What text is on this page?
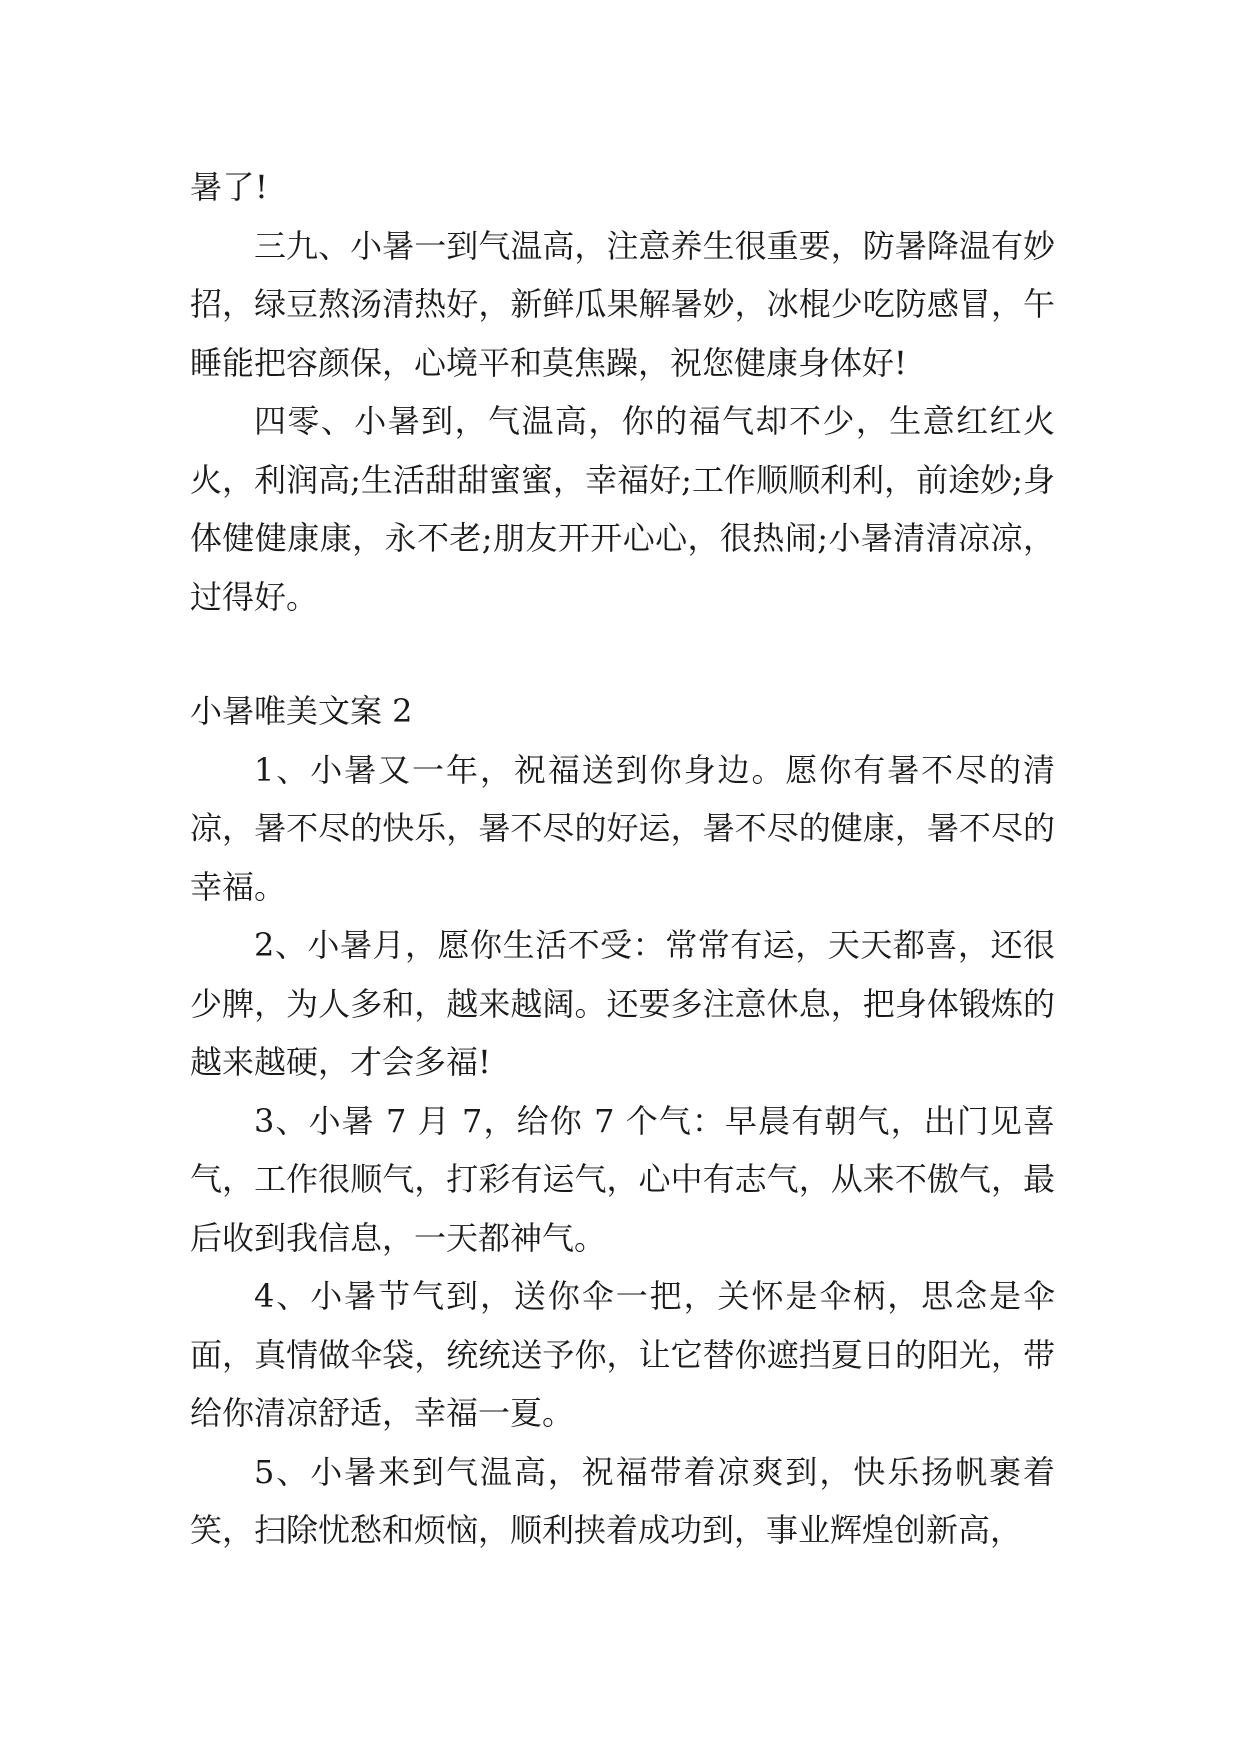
暑了!

三九、小暑一到气温高，注意养生很重要，防暑降温有妙招，绿豆熬汤清热好，新鲜瓜果解暑妙，冰棍少吃防感冒，午睡能把容颜保，心境平和莫焦躁，祝您健康身体好!

四零、小暑到，气温高，你的福气却不少，生意红红火火，利润高;生活甜甜蜜蜜，幸福好;工作顺顺利利，前途妙;身体健健康康，永不老;朋友开开心心，很热闹;小暑清清凉凉，过得好。

小暑唯美文案 2

1、小暑又一年，祝福送到你身边。愿你有暑不尽的清凉，暑不尽的快乐，暑不尽的好运，暑不尽的健康，暑不尽的幸福。

2、小暑月，愿你生活不受：常常有运，天天都喜，还很少脾，为人多和，越来越阔。还要多注意休息，把身体锻炼的越来越硬，才会多福!

3、小暑 7 月 7，给你 7 个气：早晨有朝气，出门见喜气，工作很顺气，打彩有运气，心中有志气，从来不傲气，最后收到我信息，一天都神气。

4、小暑节气到，送你伞一把，关怀是伞柄，思念是伞面，真情做伞袋，统统送予你，让它替你遮挡夏日的阳光，带给你清凉舒适，幸福一夏。

5、小暑来到气温高，祝福带着凉爽到，快乐扬帆裹着笑，扫除忧愁和烦恼，顺利挟着成功到，事业辉煌创新高，
